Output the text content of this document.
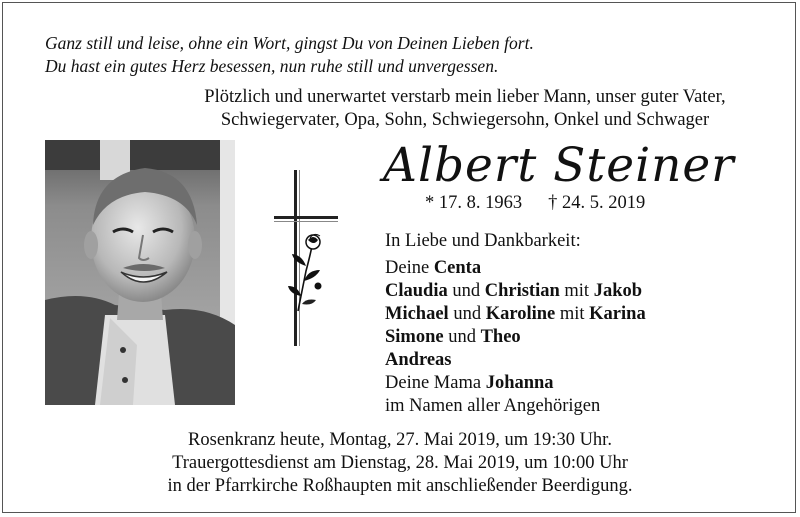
Ganz still und leise, ohne ein Wort, gingst Du von Deinen Lieben fort.
Du hast ein gutes Herz besessen, nun ruhe still und unvergessen.
Plötzlich und unerwartet verstarb mein lieber Mann, unser guter Vater,
Schwiegervater, Opa, Sohn, Schwiegersohn, Onkel und Schwager
Albert Steiner
* 17. 8. 1963 † 24. 5. 2019
In Liebe und Dankbarkeit:
Deine Centa
Claudia und Christian mit Jakob
Michael und Karoline mit Karina
Simone und Theo
Andreas
Deine Mama Johanna
im Namen aller Angehörigen
Rosenkranz heute, Montag, 27. Mai 2019, um 19:30 Uhr.
Trauergottesdienst am Dienstag, 28. Mai 2019, um 10:00 Uhr
in der Pfarrkirche Roßhaupten mit anschließender Beerdigung.
